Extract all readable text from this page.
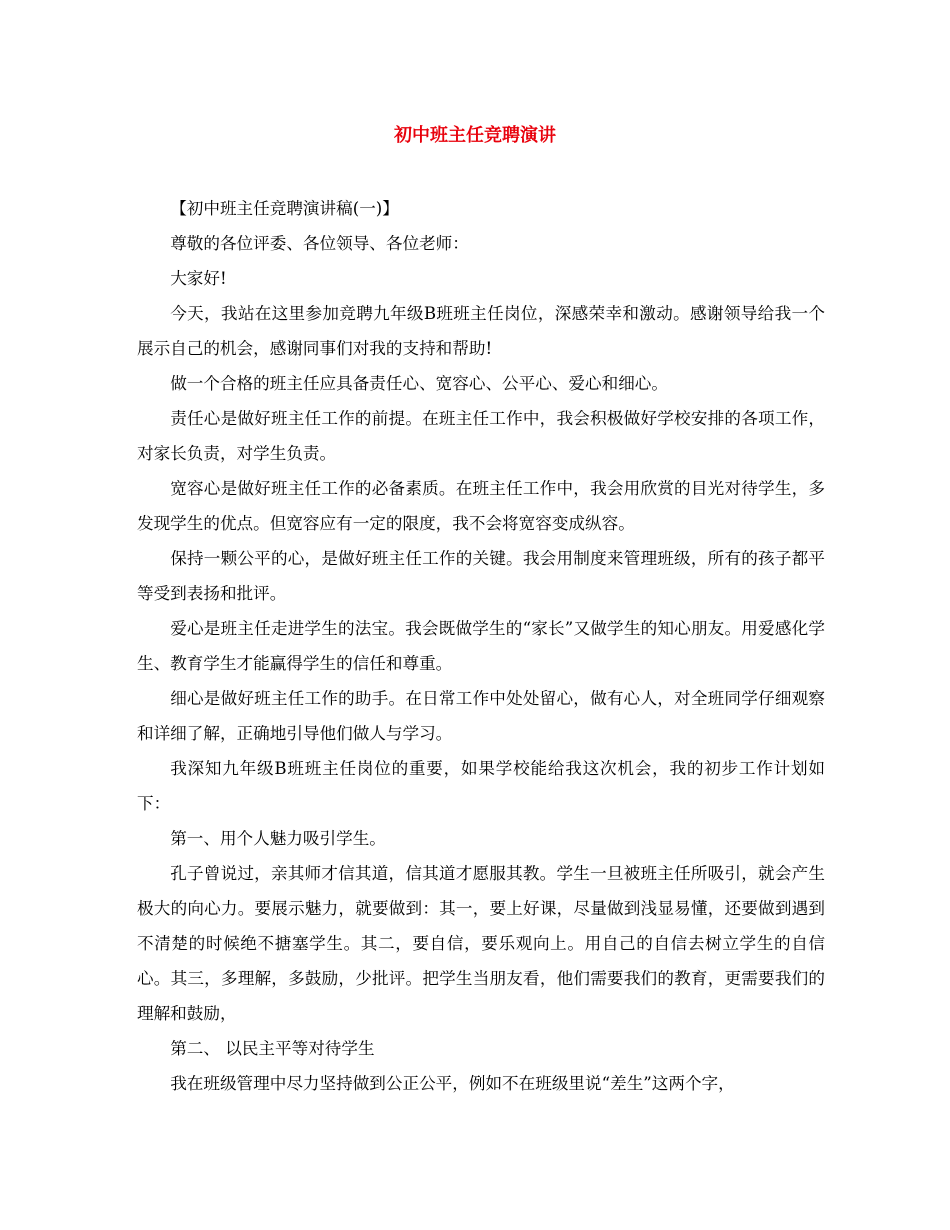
初中班主任竞聘演讲

【初中班主任竞聘演讲稿(一)】

尊敬的各位评委、各位领导、各位老师：

大家好!

今天，我站在这里参加竞聘九年级B班班主任岗位，深感荣幸和激动。感谢领导给我一个展示自己的机会，感谢同事们对我的支持和帮助!

做一个合格的班主任应具备责任心、宽容心、公平心、爱心和细心。

责任心是做好班主任工作的前提。在班主任工作中，我会积极做好学校安排的各项工作，对家长负责，对学生负责。

宽容心是做好班主任工作的必备素质。在班主任工作中，我会用欣赏的目光对待学生，多发现学生的优点。但宽容应有一定的限度，我不会将宽容变成纵容。

保持一颗公平的心，是做好班主任工作的关键。我会用制度来管理班级，所有的孩子都平等受到表扬和批评。

爱心是班主任走进学生的法宝。我会既做学生的“家长”又做学生的知心朋友。用爱感化学生、教育学生才能赢得学生的信任和尊重。

细心是做好班主任工作的助手。在日常工作中处处留心，做有心人，对全班同学仔细观察和详细了解，正确地引导他们做人与学习。

我深知九年级B班班主任岗位的重要，如果学校能给我这次机会，我的初步工作计划如下：

第一、用个人魅力吸引学生。

孔子曾说过，亲其师才信其道，信其道才愿服其教。学生一旦被班主任所吸引，就会产生极大的向心力。要展示魅力，就要做到：其一，要上好课，尽量做到浅显易懂，还要做到遇到不清楚的时候绝不搪塞学生。其二，要自信，要乐观向上。用自己的自信去树立学生的自信心。其三，多理解，多鼓励，少批评。把学生当朋友看，他们需要我们的教育，更需要我们的理解和鼓励，

第二、 以民主平等对待学生

我在班级管理中尽力坚持做到公正公平，例如不在班级里说“差生”这两个字，
